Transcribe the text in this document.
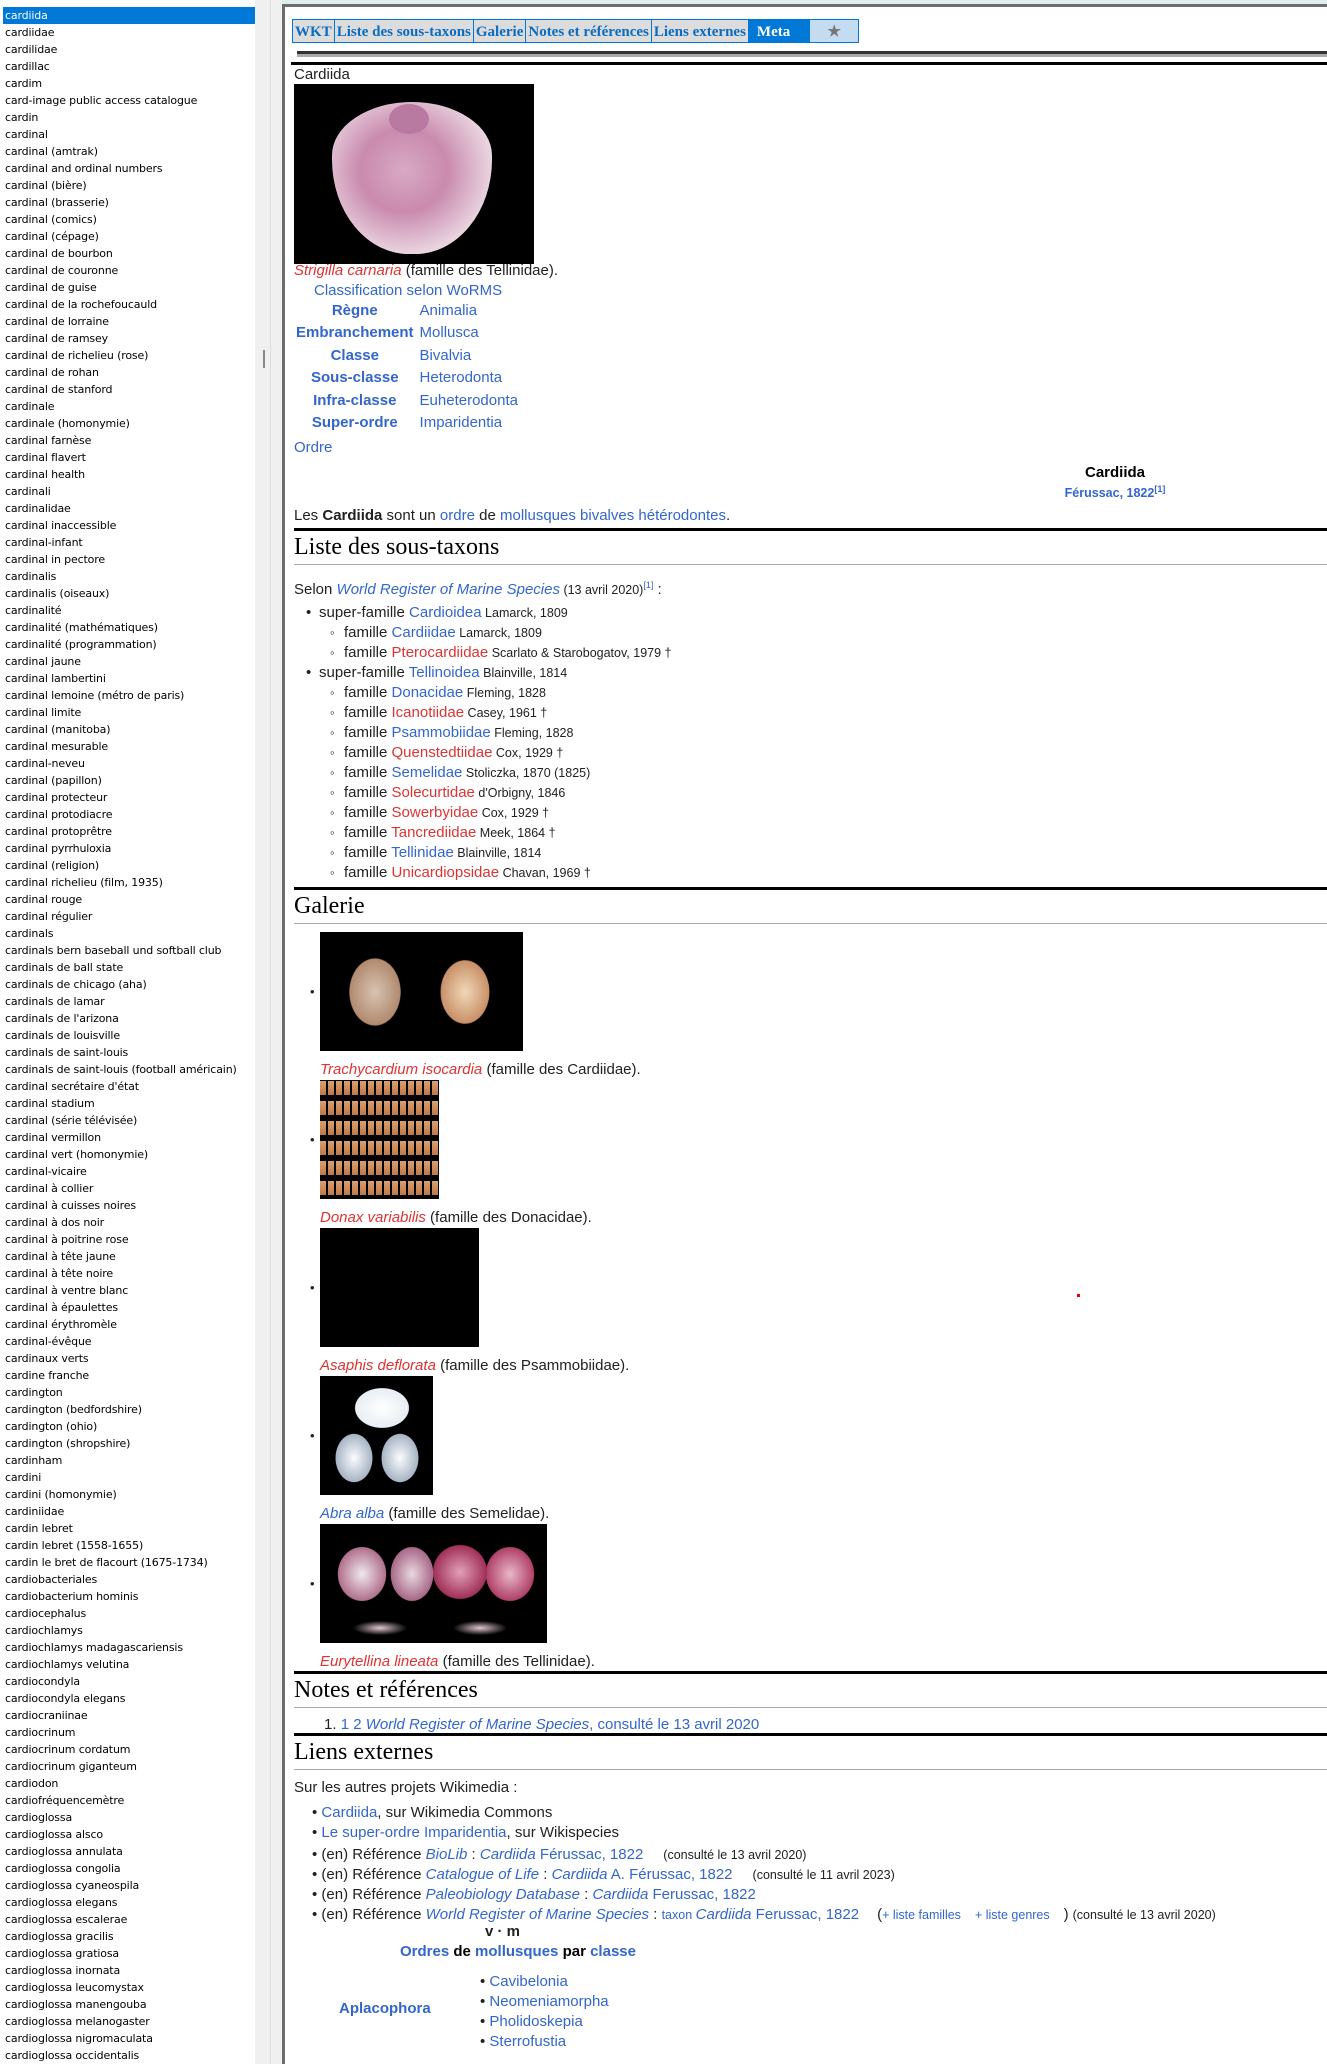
cardiida
cardiidae
cardilidae
cardillac
cardim
card-image public access catalogue
cardin
cardinal
cardinal (amtrak)
cardinal and ordinal numbers
cardinal (bière)
cardinal (brasserie)
cardinal (comics)
cardinal (cépage)
cardinal de bourbon
cardinal de couronne
cardinal de guise
cardinal de la rochefoucauld
cardinal de lorraine
cardinal de ramsey
cardinal de richelieu (rose)
cardinal de rohan
cardinal de stanford
cardinale
cardinale (homonymie)
cardinal farnèse
cardinal flavert
cardinal health
cardinali
cardinalidae
cardinal inaccessible
cardinal-infant
cardinal in pectore
cardinalis
cardinalis (oiseaux)
cardinalité
cardinalité (mathématiques)
cardinalité (programmation)
cardinal jaune
cardinal lambertini
cardinal lemoine (métro de paris)
cardinal limite
cardinal (manitoba)
cardinal mesurable
cardinal-neveu
cardinal (papillon)
cardinal protecteur
cardinal protodiacre
cardinal protoprêtre
cardinal pyrrhuloxia
cardinal (religion)
cardinal richelieu (film, 1935)
cardinal rouge
cardinal régulier
cardinals
cardinals bern baseball und softball club
cardinals de ball state
cardinals de chicago (aha)
cardinals de lamar
cardinals de l'arizona
cardinals de louisville
cardinals de saint-louis
cardinals de saint-louis (football américain)
cardinal secrétaire d'état
cardinal stadium
cardinal (série télévisée)
cardinal vermillon
cardinal vert (homonymie)
cardinal-vicaire
cardinal à collier
cardinal à cuisses noires
cardinal à dos noir
cardinal à poitrine rose
cardinal à tête jaune
cardinal à tête noire
cardinal à ventre blanc
cardinal à épaulettes
cardinal érythromèle
cardinal-évêque
cardinaux verts
cardine franche
cardington
cardington (bedfordshire)
cardington (ohio)
cardington (shropshire)
cardinham
cardini
cardini (homonymie)
cardiniidae
cardin lebret
cardin lebret (1558-1655)
cardin le bret de flacourt (1675-1734)
cardiobacteriales
cardiobacterium hominis
cardiocephalus
cardiochlamys
cardiochlamys madagascariensis
cardiochlamys velutina
cardiocondyla
cardiocondyla elegans
cardiocraniinae
cardiocrinum
cardiocrinum cordatum
cardiocrinum giganteum
cardiodon
cardiofréquencemètre
cardioglossa
cardioglossa alsco
cardioglossa annulata
cardioglossa congolia
cardioglossa cyaneospila
cardioglossa elegans
cardioglossa escalerae
cardioglossa gracilis
cardioglossa gratiosa
cardioglossa inornata
cardioglossa leucomystax
cardioglossa manengouba
cardioglossa melanogaster
cardioglossa nigromaculata
cardioglossa occidentalis
WKT Liste des sous-taxons Galerie Notes et références Liens externes Meta	★
Cardiida
Strigilla carnaria (famille des Tellinidae).
Classification selon WoRMS
Règne	Animalia
Embranchement	Mollusca
Classe	Bivalvia
Sous-classe	Heterodonta
Infra-classe	Euheterodonta
Super-ordre	Imparidentia
Ordre
Cardiida
Férussac, 1822[1]
Les Cardiida sont un ordre de mollusques bivalves hétérodontes.
Liste des sous-taxons
Selon World Register of Marine Species (13 avril 2020)[1] :
• super-famille Cardioidea Lamarck, 1809
◦ famille Cardiidae Lamarck, 1809
◦ famille Pterocardiidae Scarlato & Starobogatov, 1979 †
• super-famille Tellinoidea Blainville, 1814
◦ famille Donacidae Fleming, 1828
◦ famille Icanotiidae Casey, 1961 †
◦ famille Psammobiidae Fleming, 1828
◦ famille Quenstedtiidae Cox, 1929 †
◦ famille Semelidae Stoliczka, 1870 (1825)
◦ famille Solecurtidae d'Orbigny, 1846
◦ famille Sowerbyidae Cox, 1929 †
◦ famille Tancrediidae Meek, 1864 †
◦ famille Tellinidae Blainville, 1814
◦ famille Unicardiopsidae Chavan, 1969 †
Galerie
•
Trachycardium isocardia (famille des Cardiidae).
•
Donax variabilis (famille des Donacidae).
•
Asaphis deflorata (famille des Psammobiidae).
•
Abra alba (famille des Semelidae).
•
Eurytellina lineata (famille des Tellinidae).
Notes et références
1. 1 2 World Register of Marine Species, consulté le 13 avril 2020
Liens externes
Sur les autres projets Wikimedia :
• Cardiida, sur Wikimedia Commons
• Le super-ordre Imparidentia, sur Wikispecies
• (en) Référence BioLib : Cardiida Férussac, 1822 (consulté le 13 avril 2020)
• (en) Référence Catalogue of Life : Cardiida A. Férussac, 1822 (consulté le 11 avril 2023)
• (en) Référence Paleobiology Database : Cardiida Ferussac, 1822
• (en) Référence World Register of Marine Species : taxon Cardiida Ferussac, 1822 (+ liste familles + liste genres ) (consulté le 13 avril 2020)
v · m
Ordres de mollusques par classe
Aplacophora
• Cavibelonia
• Neomeniamorpha
• Pholidoskepia
• Sterrofustia
